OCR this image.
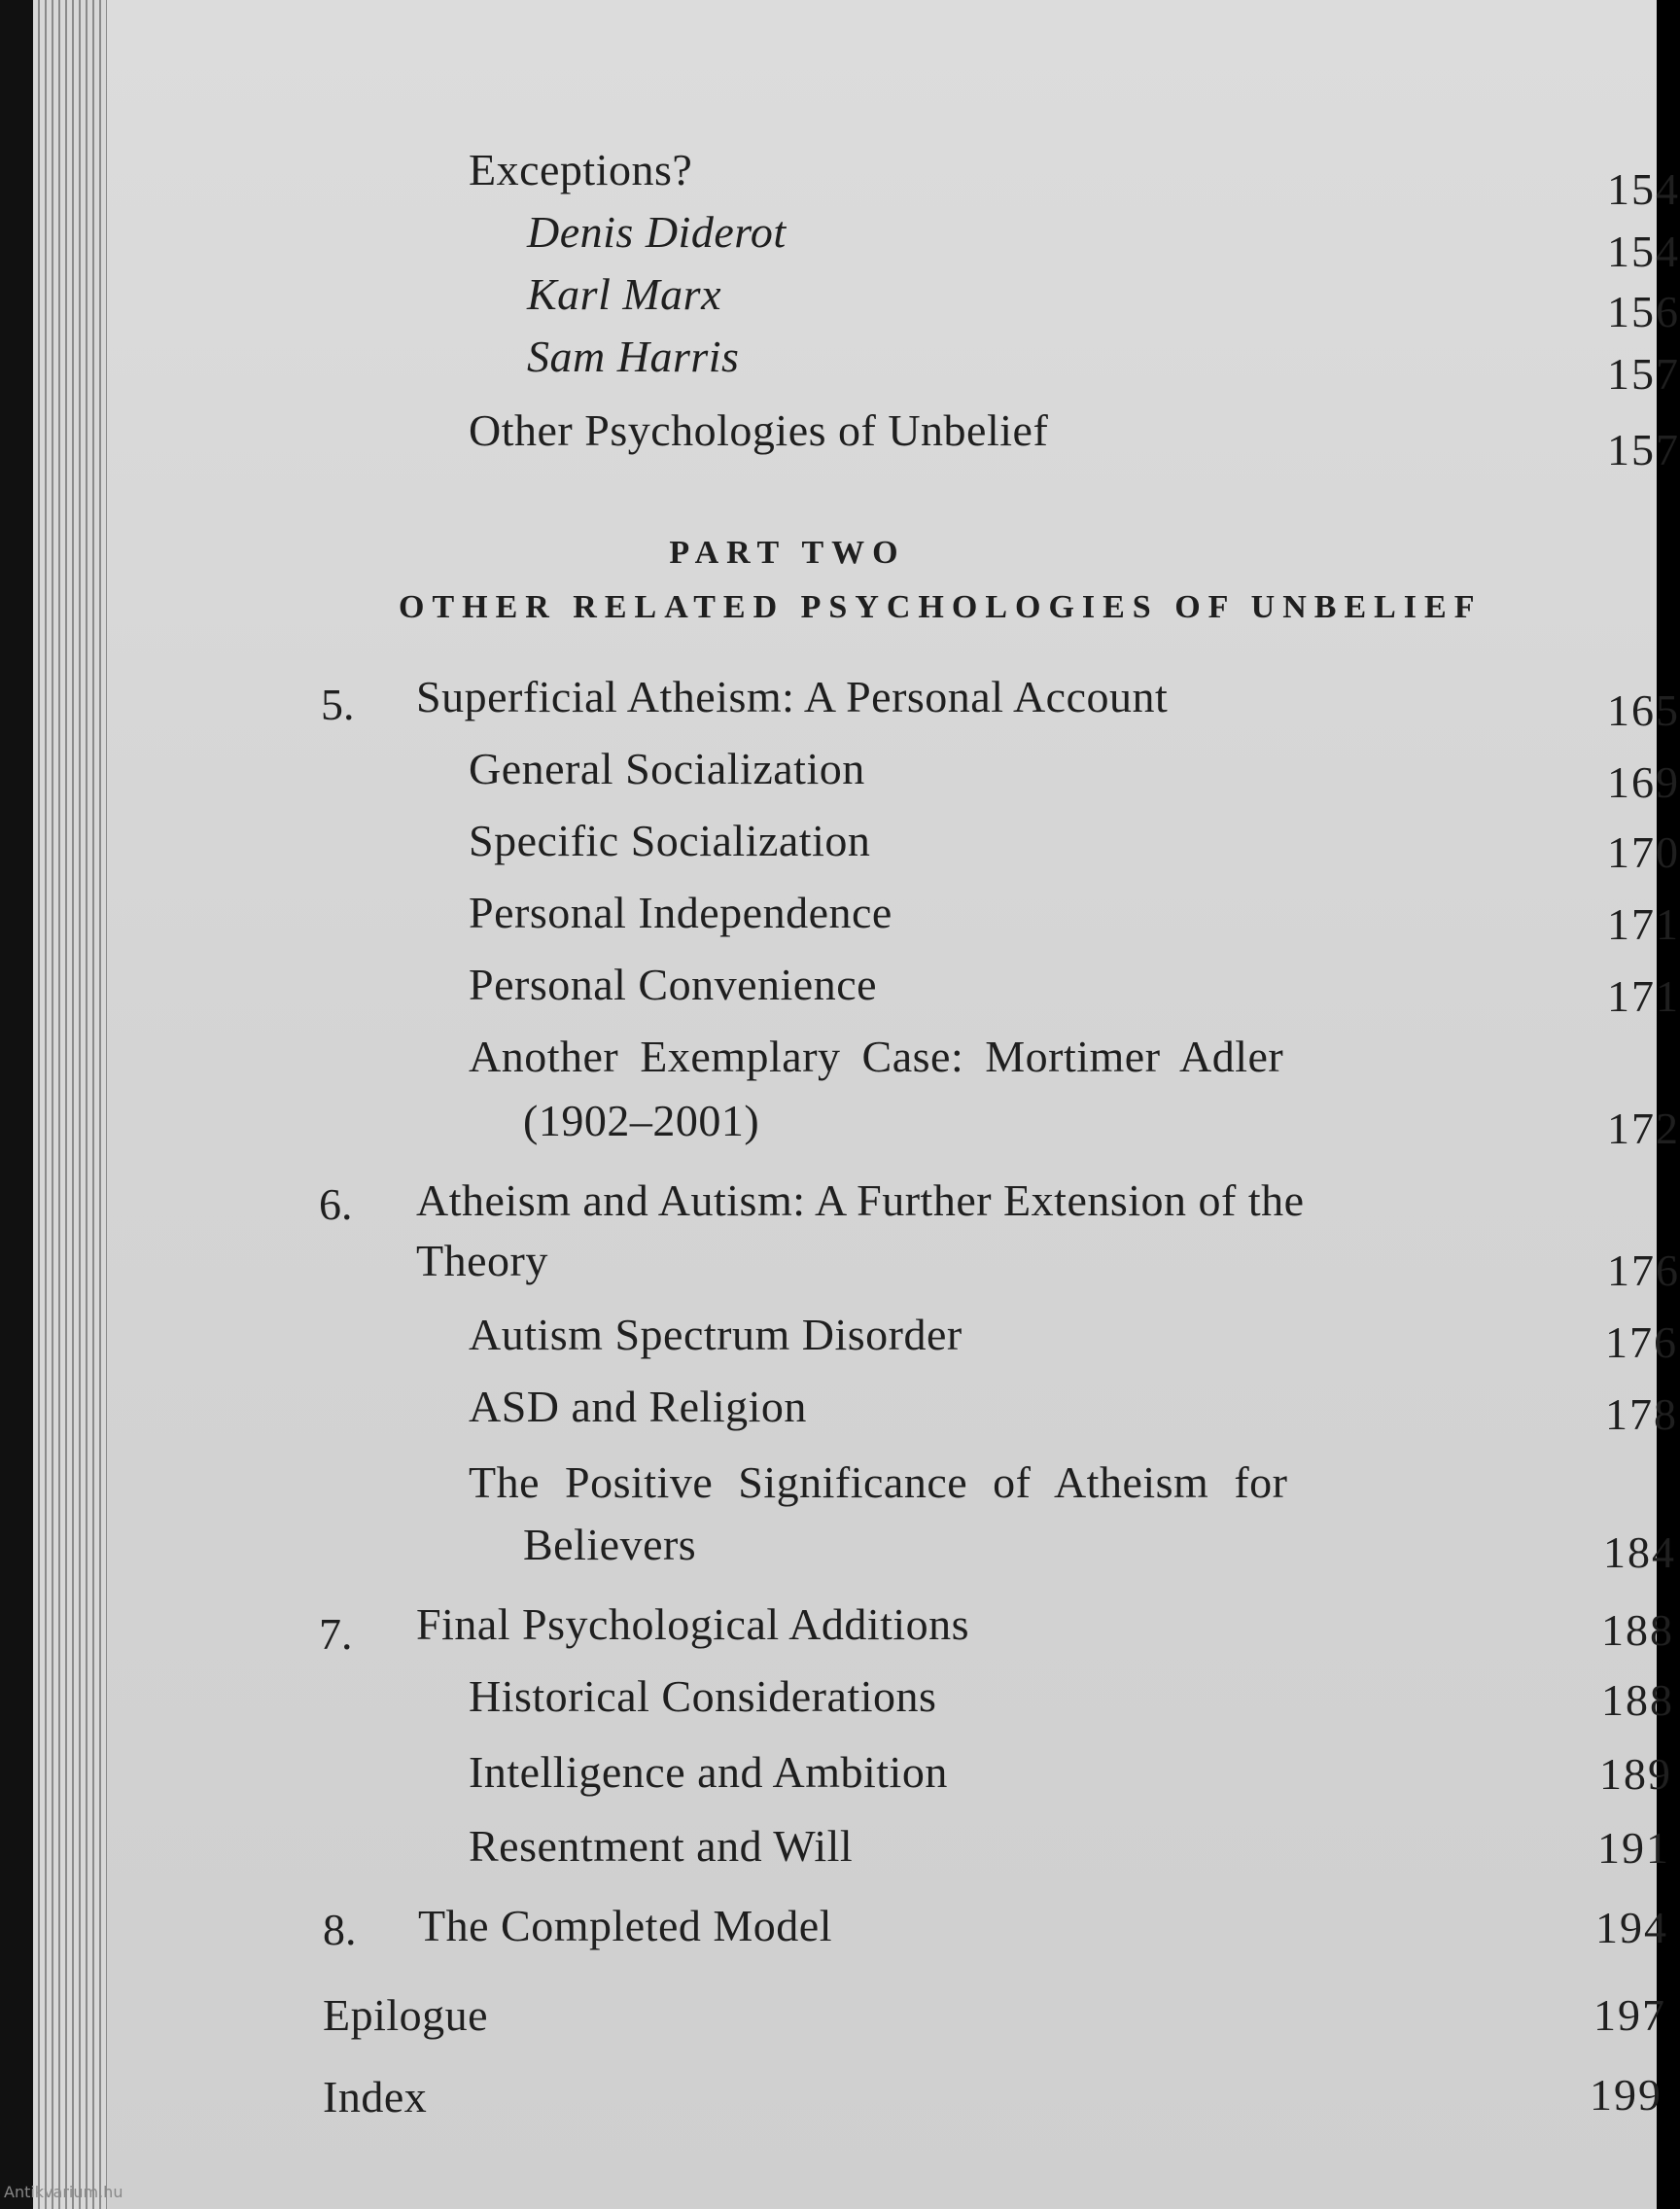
Exceptions?	154
Denis Diderot	154
Karl Marx	156
Sam Harris	157
Other Psychologies of Unbelief	157
PART TWO
OTHER RELATED PSYCHOLOGIES OF UNBELIEF
5. Superficial Atheism: A Personal Account	165
General Socialization	169
Specific Socialization	170
Personal Independence	171
Personal Convenience	171
Another Exemplary Case: Mortimer Adler
(1902–2001)	172
6. Atheism and Autism: A Further Extension of the
Theory	176
Autism Spectrum Disorder	176
ASD and Religion	178
The Positive Significance of Atheism for
Believers	184
7. Final Psychological Additions	188
Historical Considerations	188
Intelligence and Ambition	189
Resentment and Will	191
8. The Completed Model	194
Epilogue	197
Index	199
Antikvarium.hu
